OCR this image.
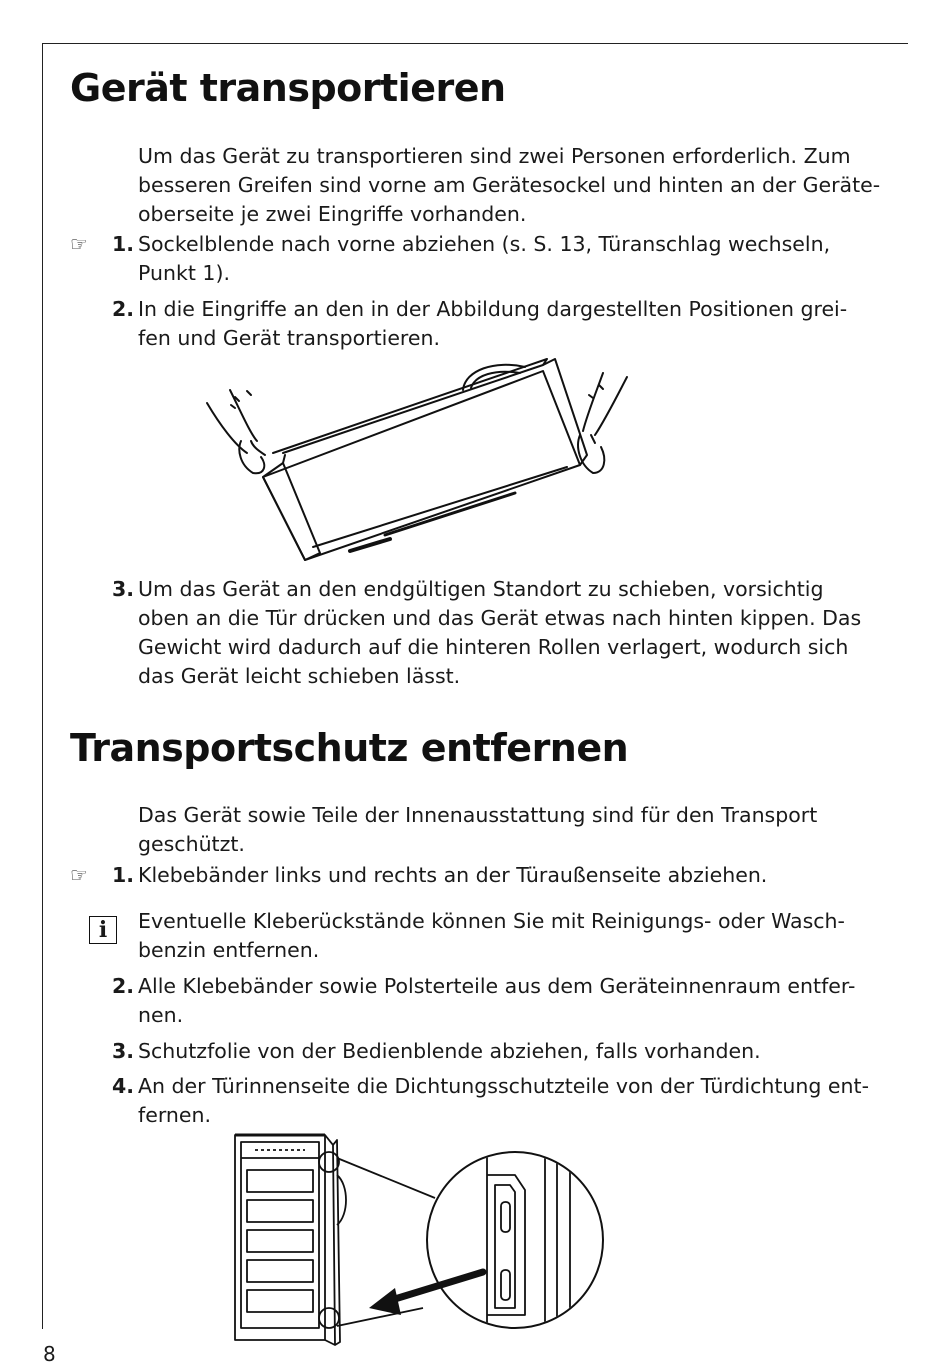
Gerät transportieren

Um das Gerät zu transportieren sind zwei Personen erforderlich. Zum

besseren Greifen sind vorne am Gerätesockel und hinten an der Geräte-

oberseite je zwei Eingriffe vorhanden.

☞	1. Sockelblende nach vorne abziehen (s. S. 13, Türanschlag wechseln,

Punkt 1).

2. In die Eingriffe an den in der Abbildung dargestellten Positionen grei-

fen und Gerät transportieren.

3. Um das Gerät an den endgültigen Standort zu schieben, vorsichtig

oben an die Tür drücken und das Gerät etwas nach hinten kippen. Das

Gewicht wird dadurch auf die hinteren Rollen verlagert, wodurch sich

das Gerät leicht schieben lässt.

Transportschutz entfernen

Das Gerät sowie Teile der Innenausstattung sind für den Transport

geschützt.

☞	1. Klebebänder links und rechts an der Türaußenseite abziehen.
i	Eventuelle Kleberückstände können Sie mit Reinigungs- oder Wasch-

benzin entfernen.

2. Alle Klebebänder sowie Polsterteile aus dem Geräteinnenraum entfer-

nen.

3. Schutzfolie von der Bedienblende abziehen, falls vorhanden.

4. An der Türinnenseite die Dichtungsschutzteile von der Türdichtung ent-

fernen.

8
